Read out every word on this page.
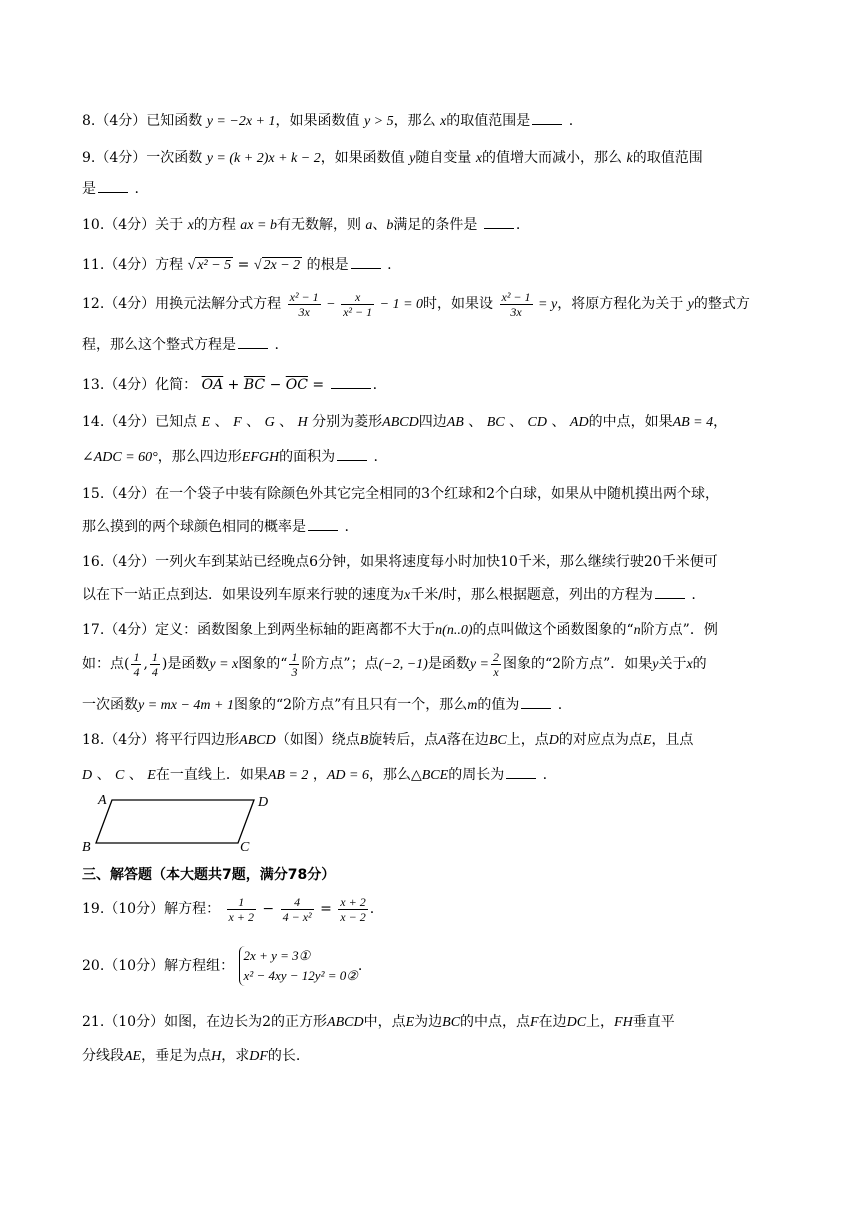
8.（4分）已知函数 y = −2x + 1，如果函数值 y > 5，那么 x的取值范围是 .
9.（4分）一次函数 y = (k + 2)x + k − 2，如果函数值 y随自变量 x的值增大而减小，那么 k的取值范围
是 .
10.（4分）关于 x的方程 ax = b有无数解，则 a、b满足的条件是	.
11.（4分）方程 √ x² − 5 = √ 2x − 2 的根是 .
12.（4分）用换元法解分式方程 $\frac{\text{x² − 1}}{3x} - \frac{x}{\text{x² − 1}} - 1 = 0$时，如果设 $\frac{\text{x² − 1}}{3x} = y$，将原方程化为关于 y的整式方
程，那么这个整式方程是 .
13.（4分）化简： $\overline{OA} + \overline{BC} - \overline{OC}$ =	.
14.（4分）已知点 E 、 F 、 G 、 H 分别为菱形ABCD四边AB 、 BC 、 CD 、 AD的中点，如果AB = 4，
∠ADC = 60°，那么四边形EFGH的面积为 .
15.（4分）在一个袋子中装有除颜色外其它完全相同的3个红球和2个白球，如果从中随机摸出两个球，
那么摸到的两个球颜色相同的概率是 .
16.（4分）一列火车到某站已经晚点6分钟，如果将速度每小时加快10千米，那么继续行驶20千米便可
以在下一站正点到达．如果设列车原来行驶的速度为x千米/时，那么根据题意，列出的方程为 .
17.（4分）定义：函数图象上到两坐标轴的距离都不大于n(n..0)的点叫做这个函数图象的“n阶方点”．例
如：点( $\frac{1}{4}$ , $\frac{1}{4}$ )是函数y = x图象的“ $\frac{1}{3}$ 阶方点”；点(−2, −1)是函数$y = \frac{2}{x}$ 图象的“2阶方点”．如果y关于x的
一次函数y = mx − 4m + 1图象的“2阶方点”有且只有一个，那么m的值为 .
18.（4分）将平行四边形ABCD（如图）绕点B旋转后，点A落在边BC上，点D的对应点为点E，且点
D 、 C 、 E在一直线上．如果AB = 2 ，AD = 6，那么△BCE的周长为 .
A	D
B	C
三、解答题（本大题共7题，满分78分）
19.（10分）解方程： $\frac{1}{x + 2} - \frac{4}{\text{4 − x²}} = \frac{x + 2}{x - 2}$ .
20.（10分）解方程组：
2x + y = 3①
x² − 4xy − 12y² = 0②
.
21.（10分）如图，在边长为2的正方形ABCD中，点E为边BC的中点，点F在边DC上，FH垂直平
分线段AE，垂足为点H，求DF的长.
